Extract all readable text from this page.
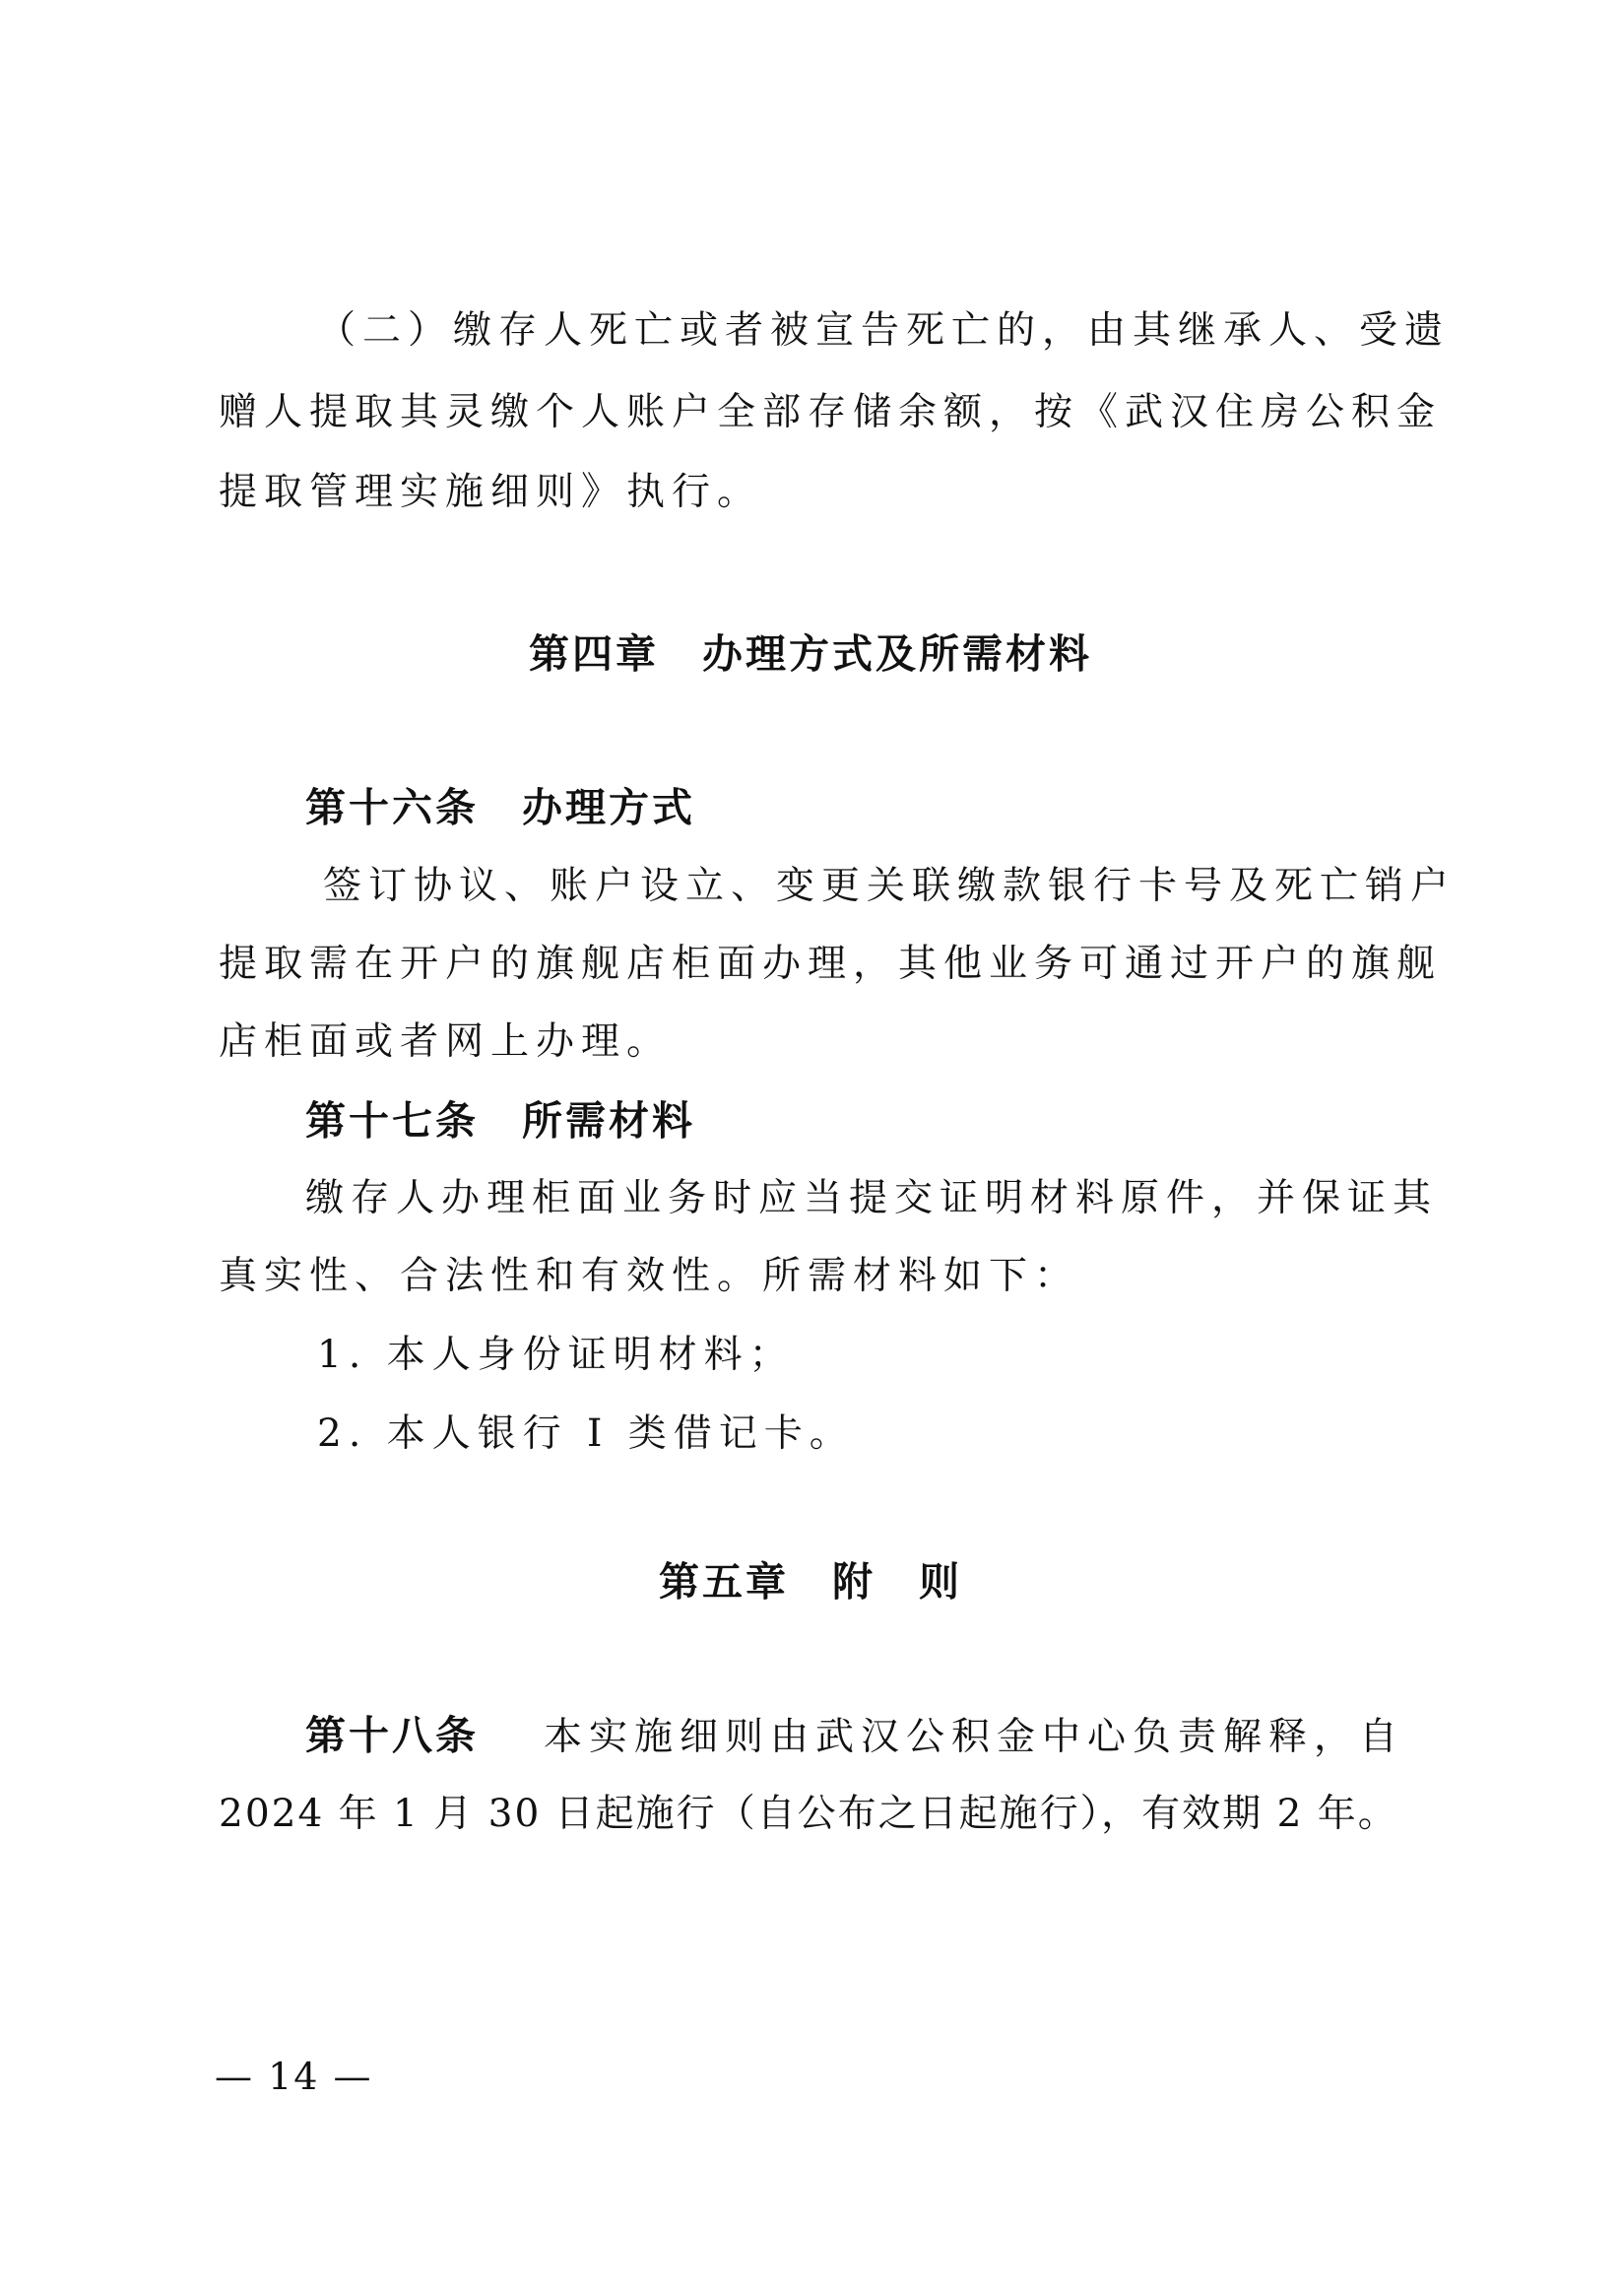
（二）缴存人死亡或者被宣告死亡的，由其继承人、受遗
赠人提取其灵缴个人账户全部存储余额，按《武汉住房公积金
提取管理实施细则》执行。
第四章　办理方式及所需材料
第十六条　办理方式
签订协议、账户设立、变更关联缴款银行卡号及死亡销户
提取需在开户的旗舰店柜面办理，其他业务可通过开户的旗舰
店柜面或者网上办理。
第十七条　所需材料
缴存人办理柜面业务时应当提交证明材料原件，并保证其
真实性、合法性和有效性。所需材料如下：
1. 本人身份证明材料；
2. 本人银行 I 类借记卡。
第五章　附　则
第十八条 本实施细则由武汉公积金中心负责解释，自
2024 年 1 月 30 日起施行（自公布之日起施行），有效期 2 年。
— 14 —
